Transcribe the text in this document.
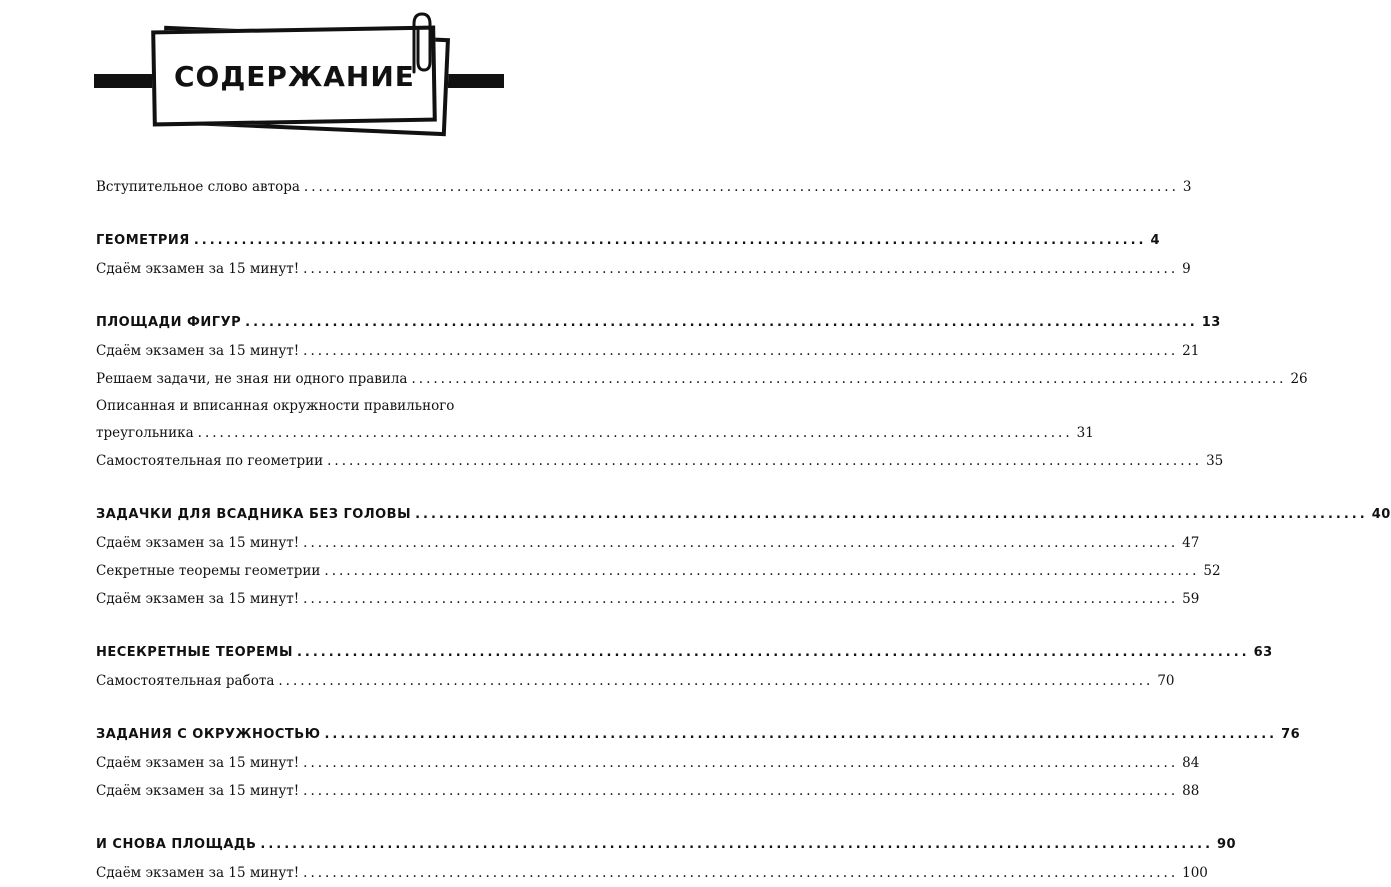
СОДЕРЖАНИЕ
Вступительное слово автора ........................................................................................................................ 3
ГЕОМЕТРИЯ ........................................................................................................................ 4
Сдаём экзамен за 15 минут! ........................................................................................................................ 9
ПЛОЩАДИ ФИГУР ........................................................................................................................ 13
Сдаём экзамен за 15 минут! ........................................................................................................................ 21
Решаем задачи, не зная ни одного правила ........................................................................................................................ 26
Описанная и вписанная окружности правильного
треугольника ........................................................................................................................ 31
Самостоятельная по геометрии ........................................................................................................................ 35
ЗАДАЧКИ ДЛЯ ВСАДНИКА БЕЗ ГОЛОВЫ ........................................................................................................................ 40
Сдаём экзамен за 15 минут! ........................................................................................................................ 47
Секретные теоремы геометрии ........................................................................................................................ 52
Сдаём экзамен за 15 минут! ........................................................................................................................ 59
НЕСЕКРЕТНЫЕ ТЕОРЕМЫ ........................................................................................................................ 63
Самостоятельная работа ........................................................................................................................ 70
ЗАДАНИЯ С ОКРУЖНОСТЬЮ ........................................................................................................................ 76
Сдаём экзамен за 15 минут! ........................................................................................................................ 84
Сдаём экзамен за 15 минут! ........................................................................................................................ 88
И СНОВА ПЛОЩАДЬ ........................................................................................................................ 90
Сдаём экзамен за 15 минут! ........................................................................................................................ 100
